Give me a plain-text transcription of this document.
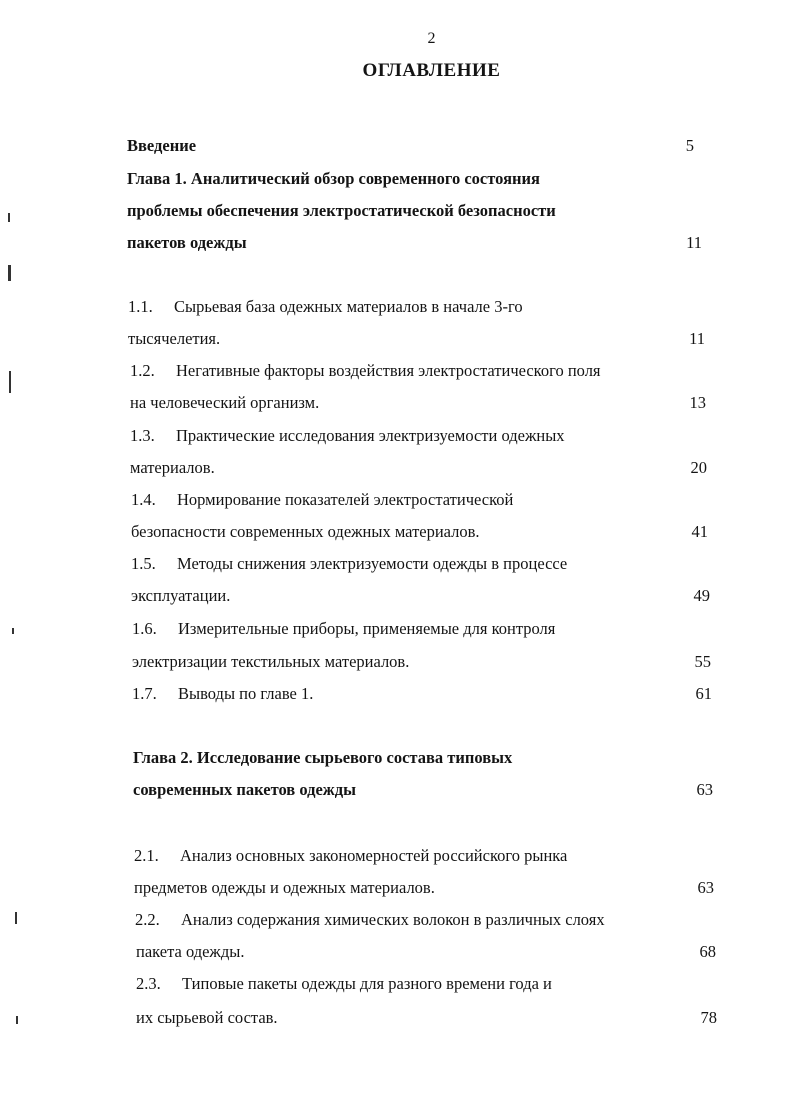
2
ОГЛАВЛЕНИЕ
Введение	5
Глава 1. Аналитический обзор современного состояния
проблемы обеспечения электростатической безопасности
пакетов одежды	11
1.1. Сырьевая база одежных материалов в начале 3-го
тысячелетия.	11
1.2. Негативные факторы воздействия электростатического поля
на человеческий организм.	13
1.3. Практические исследования электризуемости одежных
материалов.	20
1.4. Нормирование показателей электростатической
безопасности современных одежных материалов.	41
1.5. Методы снижения электризуемости одежды в процессе
эксплуатации.	49
1.6. Измерительные приборы, применяемые для контроля
электризации текстильных материалов.	55
1.7. Выводы по главе 1.	61
Глава 2. Исследование сырьевого состава типовых
современных пакетов одежды	63
2.1. Анализ основных закономерностей российского рынка
предметов одежды и одежных материалов.	63
2.2. Анализ содержания химических волокон в различных слоях
пакета одежды.	68
2.3. Типовые пакеты одежды для разного времени года и
их сырьевой состав.	78
